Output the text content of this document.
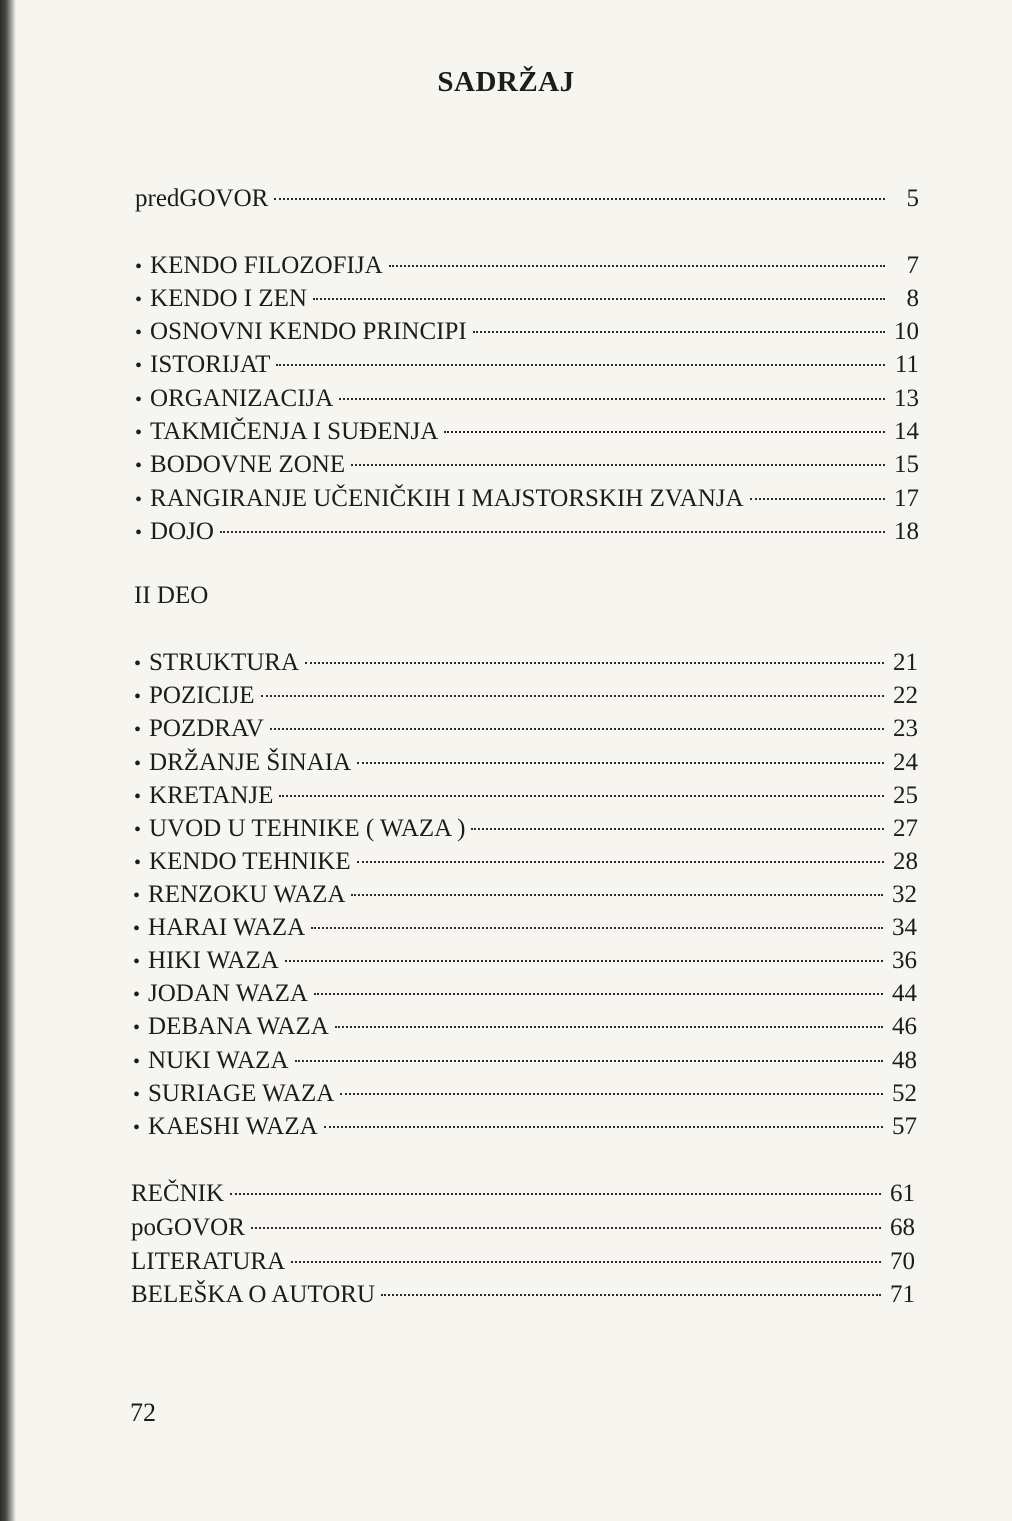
SADRŽAJ
predGOVOR	5
• KENDO FILOZOFIJA	7
• KENDO I ZEN	8
• OSNOVNI KENDO PRINCIPI	10
• ISTORIJAT	11
• ORGANIZACIJA	13
• TAKMIČENJA I SUĐENJA	14
• BODOVNE ZONE	15
• RANGIRANJE UČENIČKIH I MAJSTORSKIH ZVANJA	17
• DOJO	18
II DEO
• STRUKTURA	21
• POZICIJE	22
• POZDRAV	23
• DRŽANJE ŠINAIA	24
• KRETANJE	25
• UVOD U TEHNIKE ( WAZA )	27
• KENDO TEHNIKE	28
• RENZOKU WAZA	32
• HARAI WAZA	34
• HIKI WAZA	36
• JODAN WAZA	44
• DEBANA WAZA	46
• NUKI WAZA	48
• SURIAGE WAZA	52
• KAESHI WAZA	57
REČNIK	61
poGOVOR	68
LITERATURA	70
BELEŠKA O AUTORU	71
72
